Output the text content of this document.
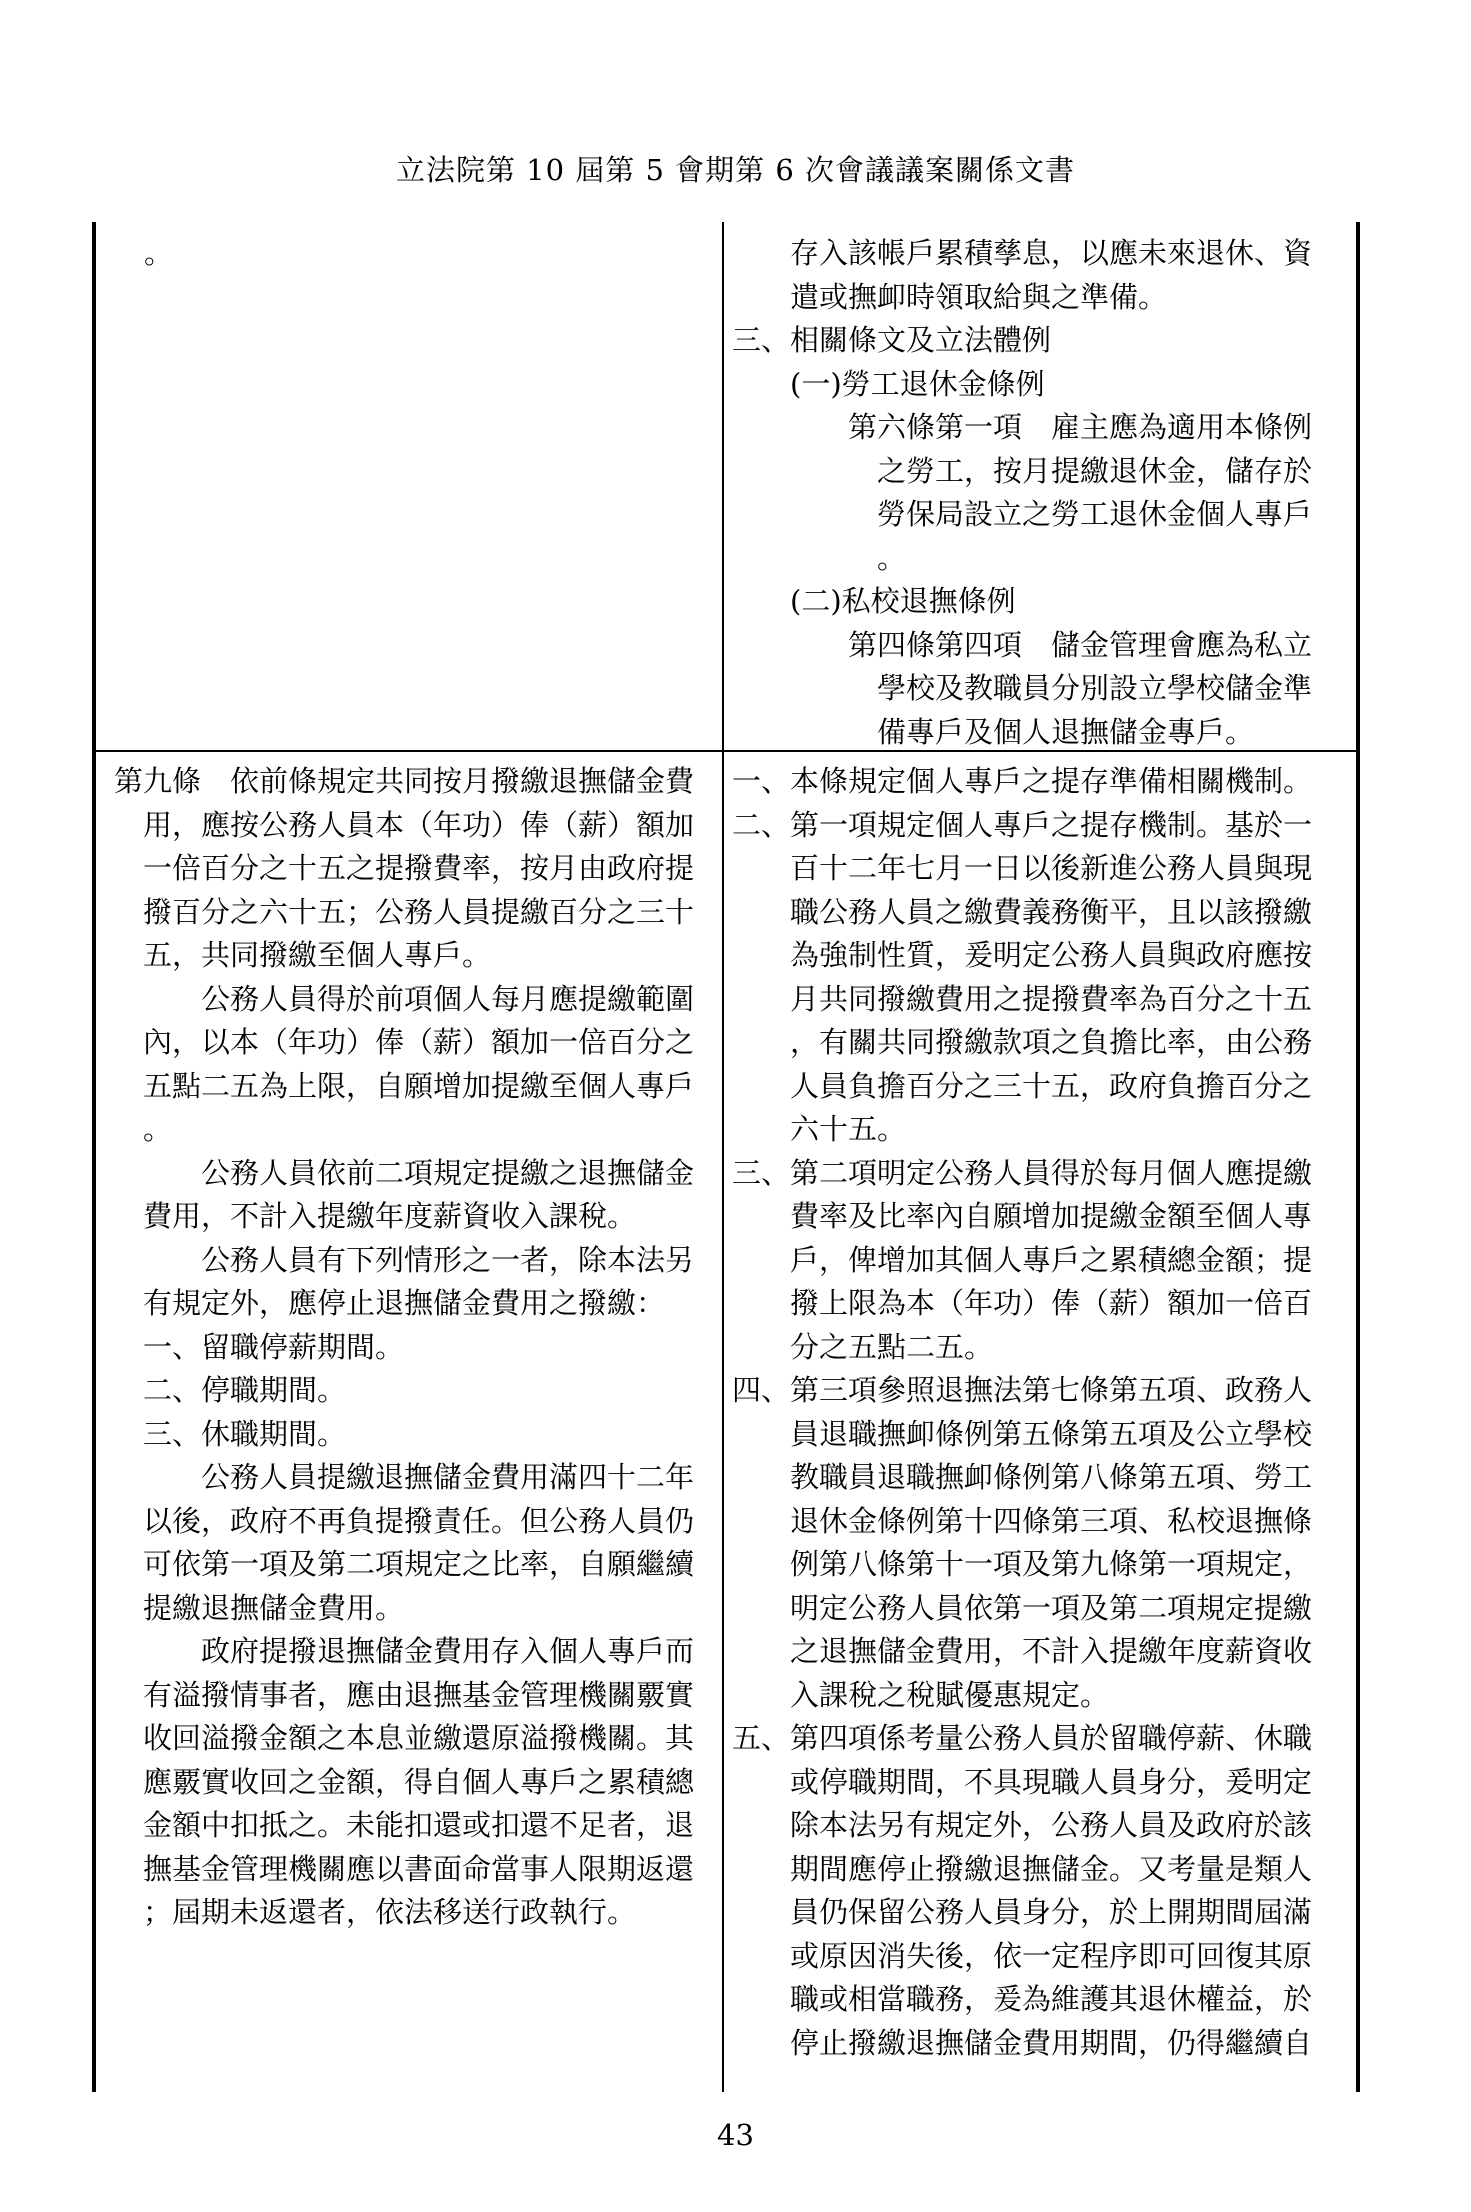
立法院第 10 屆第 5 會期第 6 次會議議案關係文書
。	存入該帳戶累積孳息，以應未來退休、資
遣或撫卹時領取給與之準備。
三、相關條文及立法體例
(一)勞工退休金條例
第六條第一項　雇主應為適用本條例
之勞工，按月提繳退休金，儲存於
勞保局設立之勞工退休金個人專戶
。
(二)私校退撫條例
第四條第四項　儲金管理會應為私立
學校及教職員分別設立學校儲金準
備專戶及個人退撫儲金專戶。
第九條　依前條規定共同按月撥繳退撫儲金費
用，應按公務人員本（年功）俸（薪）額加
一倍百分之十五之提撥費率，按月由政府提
撥百分之六十五；公務人員提繳百分之三十
五，共同撥繳至個人專戶。
公務人員得於前項個人每月應提繳範圍
內，以本（年功）俸（薪）額加一倍百分之
五點二五為上限，自願增加提繳至個人專戶
。
公務人員依前二項規定提繳之退撫儲金
費用，不計入提繳年度薪資收入課稅。
公務人員有下列情形之一者，除本法另
有規定外，應停止退撫儲金費用之撥繳：
一、留職停薪期間。
二、停職期間。
三、休職期間。
公務人員提繳退撫儲金費用滿四十二年
以後，政府不再負提撥責任。但公務人員仍
可依第一項及第二項規定之比率，自願繼續
提繳退撫儲金費用。
政府提撥退撫儲金費用存入個人專戶而
有溢撥情事者，應由退撫基金管理機關覈實
收回溢撥金額之本息並繳還原溢撥機關。其
應覈實收回之金額，得自個人專戶之累積總
金額中扣抵之。未能扣還或扣還不足者，退
撫基金管理機關應以書面命當事人限期返還
；屆期未返還者，依法移送行政執行。
一、本條規定個人專戶之提存準備相關機制。
二、第一項規定個人專戶之提存機制。基於一
百十二年七月一日以後新進公務人員與現
職公務人員之繳費義務衡平，且以該撥繳
為強制性質，爰明定公務人員與政府應按
月共同撥繳費用之提撥費率為百分之十五
，有關共同撥繳款項之負擔比率，由公務
人員負擔百分之三十五，政府負擔百分之
六十五。
三、第二項明定公務人員得於每月個人應提繳
費率及比率內自願增加提繳金額至個人專
戶，俾增加其個人專戶之累積總金額；提
撥上限為本（年功）俸（薪）額加一倍百
分之五點二五。
四、第三項參照退撫法第七條第五項、政務人
員退職撫卹條例第五條第五項及公立學校
教職員退職撫卹條例第八條第五項、勞工
退休金條例第十四條第三項、私校退撫條
例第八條第十一項及第九條第一項規定，
明定公務人員依第一項及第二項規定提繳
之退撫儲金費用，不計入提繳年度薪資收
入課稅之稅賦優惠規定。
五、第四項係考量公務人員於留職停薪、休職
或停職期間，不具現職人員身分，爰明定
除本法另有規定外，公務人員及政府於該
期間應停止撥繳退撫儲金。又考量是類人
員仍保留公務人員身分，於上開期間屆滿
或原因消失後，依一定程序即可回復其原
職或相當職務，爰為維護其退休權益，於
停止撥繳退撫儲金費用期間，仍得繼續自
43
